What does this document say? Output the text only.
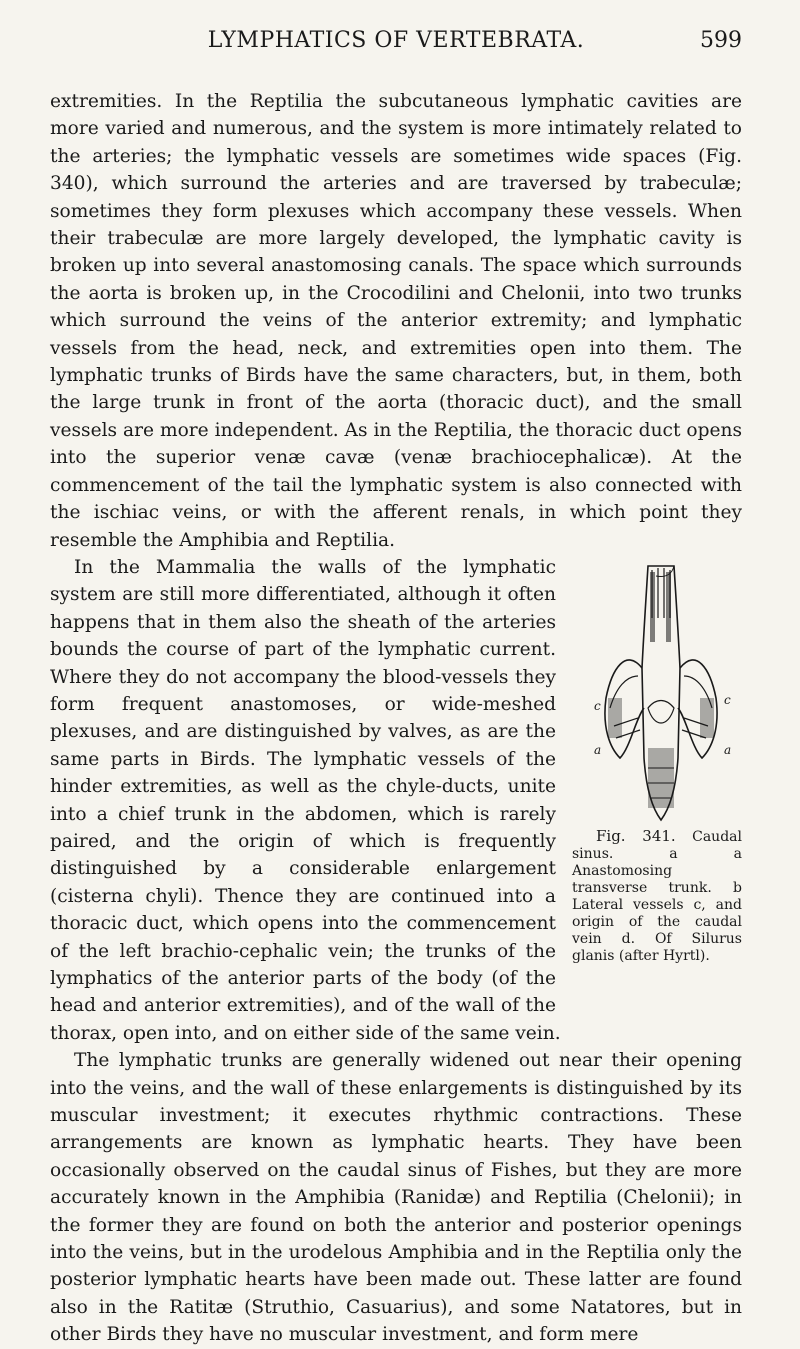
LYMPHATICS OF VERTEBRATA.	599

extremities. In the Reptilia the subcutaneous lymphatic cavities are more varied and numerous, and the system is more intimately related to the arteries; the lymphatic vessels are sometimes wide spaces (Fig. 340), which surround the arteries and are traversed by trabeculæ; sometimes they form plexuses which accompany these vessels. When their trabeculæ are more largely developed, the lymphatic cavity is broken up into several anastomosing canals. The space which surrounds the aorta is broken up, in the Crocodilini and Chelonii, into two trunks which surround the veins of the anterior extremity; and lymphatic vessels from the head, neck, and extremities open into them. The lymphatic trunks of Birds have the same characters, but, in them, both the large trunk in front of the aorta (thoracic duct), and the small vessels are more independent. As in the Reptilia, the thoracic duct opens into the superior venæ cavæ (venæ brachiocephalicæ). At the commencement of the tail the lymphatic system is also connected with the ischiac veins, or with the afferent renals, in which point they resemble the Amphibia and Reptilia.

c	c
a	a
Fig. 341. Caudal sinus. a a Anastomosing transverse trunk. b Lateral vessels c, and origin of the caudal vein d. Of Silurus glanis (after Hyrtl).
In the Mammalia the walls of the lymphatic system are still more differentiated, although it often happens that in them also the sheath of the arteries bounds the course of part of the lymphatic current. Where they do not accompany the blood-vessels they form frequent anastomoses, or wide-meshed plexuses, and are distinguished by valves, as are the same parts in Birds. The lymphatic vessels of the hinder extremities, as well as the chyle-ducts, unite into a chief trunk in the abdomen, which is rarely paired, and the origin of which is frequently distinguished by a considerable enlargement (cisterna chyli). Thence they are continued into a thoracic duct, which opens into the commencement of the left brachio-cephalic vein; the trunks of the lymphatics of the anterior parts of the body (of the head and anterior extremities), and of the wall of the thorax, open into, and on either side of the same vein.

The lymphatic trunks are generally widened out near their opening into the veins, and the wall of these enlargements is distinguished by its muscular investment; it executes rhythmic contractions. These arrangements are known as lymphatic hearts. They have been occasionally observed on the caudal sinus of Fishes, but they are more accurately known in the Amphibia (Ranidæ) and Reptilia (Chelonii); in the former they are found on both the anterior and posterior openings into the veins, but in the urodelous Amphibia and in the Reptilia only the posterior lymphatic hearts have been made out. These latter are found also in the Ratitæ (Struthio, Casuarius), and some Natatores, but in other Birds they have no muscular investment, and form mere
